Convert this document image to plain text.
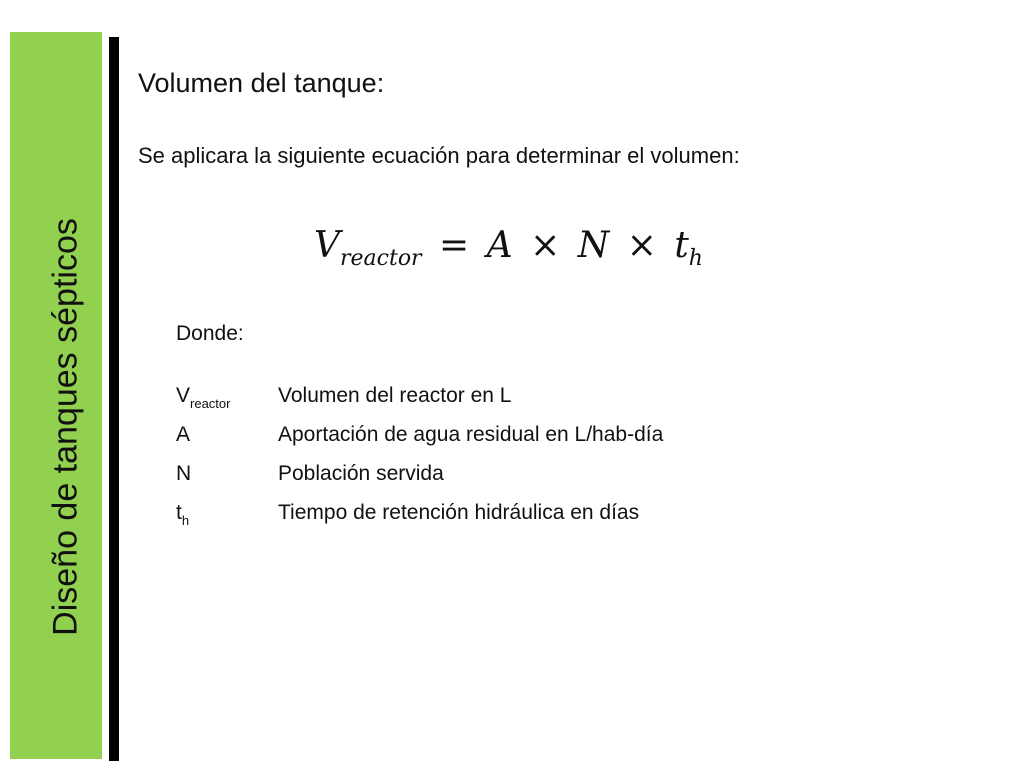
Diseño de tanques sépticos
Volumen del tanque:
Se aplicara la siguiente ecuación para determinar el volumen:
$V_{reactor} = A \times N \times t_h$
Donde:
$V_{reactor}$	Volumen del reactor en L
A	Aportación de agua residual en L/hab-día
N	Población servida
$t_h$	Tiempo de retención hidráulica en días
